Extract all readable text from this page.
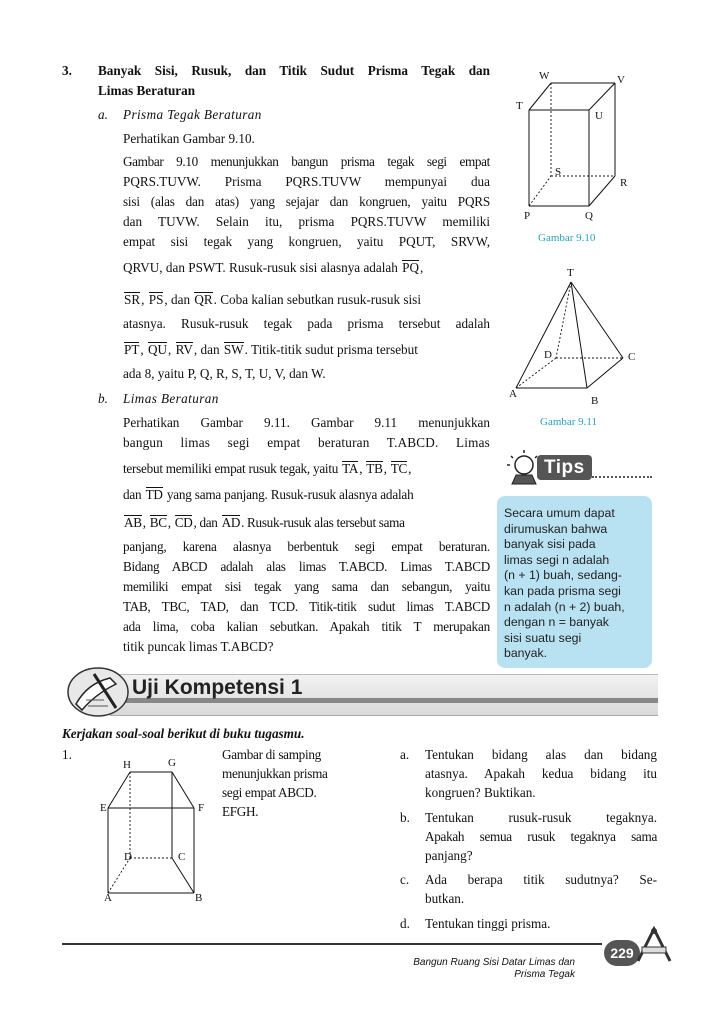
3. Banyak Sisi, Rusuk, dan Titik Sudut Prisma Tegak dan
Limas Beraturan
a. Prisma Tegak Beraturan
Perhatikan Gambar 9.10.
Gambar 9.10 menunjukkan bangun prisma tegak segi empat
PQRS.TUVW. Prisma PQRS.TUVW mempunyai dua
sisi (alas dan atas) yang sejajar dan kongruen, yaitu PQRS
dan TUVW. Selain itu, prisma PQRS.TUVW memiliki
empat sisi tegak yang kongruen, yaitu PQUT, SRVW,
QRVU, dan PSWT. Rusuk-rusuk sisi alasnya adalah PQ,
SR, PS, dan QR. Coba kalian sebutkan rusuk-rusuk sisi
atasnya. Rusuk-rusuk tegak pada prisma tersebut adalah
PT, QU, RV, dan SW. Titik-titik sudut prisma tersebut
ada 8, yaitu P, Q, R, S, T, U, V, dan W.
b. Limas Beraturan
Perhatikan Gambar 9.11. Gambar 9.11 menunjukkan
bangun limas segi empat beraturan T.ABCD. Limas
tersebut memiliki empat rusuk tegak, yaitu TA, TB, TC,
dan TD yang sama panjang. Rusuk-rusuk alasnya adalah
AB, BC, CD, dan AD. Rusuk-rusuk alas tersebut sama
panjang, karena alasnya berbentuk segi empat beraturan.
Bidang ABCD adalah alas limas T.ABCD. Limas T.ABCD
memiliki empat sisi tegak yang sama dan sebangun, yaitu
TAB, TBC, TAD, dan TCD. Titik-titik sudut limas T.ABCD
ada lima, coba kalian sebutkan. Apakah titik T merupakan
titik puncak limas T.ABCD?
W	V
T
U
S
R
P	Q
Gambar 9.10
T
D	C
A
B
Gambar 9.11
Tips
Secara umum dapat
dirumuskan bahwa
banyak sisi pada
limas segi n adalah
(n + 1) buah, sedang-
kan pada prisma segi
n adalah (n + 2) buah,
dengan n = banyak
sisi suatu segi
banyak.
Uji Kompetensi 1
Kerjakan soal-soal berikut di buku tugasmu.
1.
H	G
E	F
D	C
A	B
Gambar di samping
menunjukkan prisma
segi empat ABCD.
EFGH.
a. Tentukan bidang alas dan bidang
atasnya. Apakah kedua bidang itu
kongruen? Buktikan.
b. Tentukan rusuk-rusuk tegaknya.
Apakah semua rusuk tegaknya sama
panjang?
c. Ada berapa titik sudutnya? Se-
butkan.
d. Tentukan tinggi prisma.
Bangun Ruang Sisi Datar Limas dan
Prisma Tegak
229
